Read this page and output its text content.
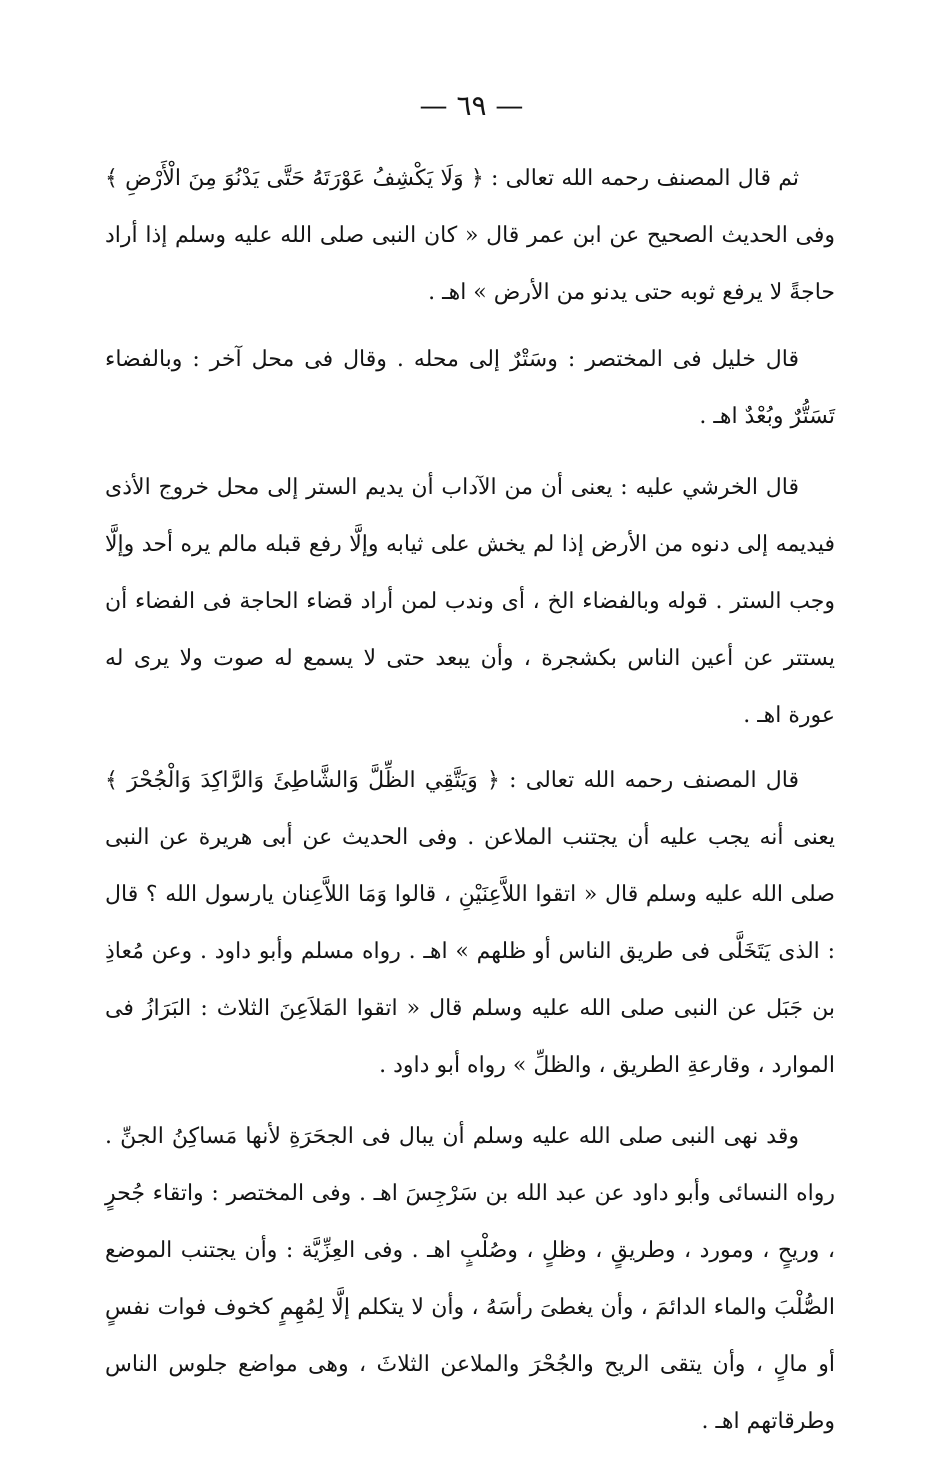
— ٦٩ —

ثم قال المصنف رحمه الله تعالى : ﴿ وَلَا يَكْشِفُ عَوْرَتَهُ حَتَّى يَدْنُوَ مِنَ الْأَرْضِ ﴾ وفى الحديث الصحيح عن ابن عمر قال « كان النبى صلى الله عليه وسلم إذا أراد حاجةً لا يرفع ثوبه حتى يدنو من الأرض » اهـ .

قال خليل فى المختصر : وسَتْرٌ إلى محله . وقال فى محل آخر : وبالفضاء تَسَتُّرٌ وبُعْدٌ اهـ .

قال الخرشي عليه : يعنى أن من الآداب أن يديم الستر إلى محل خروج الأذى فيديمه إلى دنوه من الأرض إذا لم يخش على ثيابه وإلَّا رفع قبله مالم يره أحد وإلَّا وجب الستر . قوله وبالفضاء الخ ، أى وندب لمن أراد قضاء الحاجة فى الفضاء أن يستتر عن أعين الناس بكشجرة ، وأن يبعد حتى لا يسمع له صوت ولا يرى له عورة اهـ .

قال المصنف رحمه الله تعالى : ﴿ وَيَتَّقِي الظِّلَّ وَالشَّاطِئَ وَالرَّاكِدَ وَالْجُحْرَ ﴾ يعنى أنه يجب عليه أن يجتنب الملاعن . وفى الحديث عن أبى هريرة عن النبى صلى الله عليه وسلم قال « اتقوا اللاَّعِنَيْنِ ، قالوا وَمَا اللاَّعِنان يارسول الله ؟ قال : الذى يَتَخَلَّى فى طريق الناس أو ظلهم » اهـ . رواه مسلم وأبو داود . وعن مُعاذِ بن جَبَل عن النبى صلى الله عليه وسلم قال « اتقوا المَلاَعِنَ الثلاث : البَرَازُ فى الموارد ، وقارعةِ الطريق ، والظلِّ » رواه أبو داود .

وقد نهى النبى صلى الله عليه وسلم أن يبال فى الجحَرَةِ لأنها مَساكِنُ الجنِّ . رواه النسائى وأبو داود عن عبد الله بن سَرْجِسَ اهـ . وفى المختصر : واتقاء جُحرٍ ، وريحٍ ، ومورد ، وطريقٍ ، وظلٍ ، وصُلْبٍ اهـ . وفى العِزِّيَّة : وأن يجتنب الموضع الصُّلْبَ والماء الدائمَ ، وأن يغطىَ رأسَهُ ، وأن لا يتكلم إلَّا لِمُهِمٍ كخوف فوات نفسٍ أو مالٍ ، وأن يتقى الريح والجُحْرَ والملاعن الثلاثَ ، وهى مواضع جلوس الناس وطرقاتهم اهـ .
